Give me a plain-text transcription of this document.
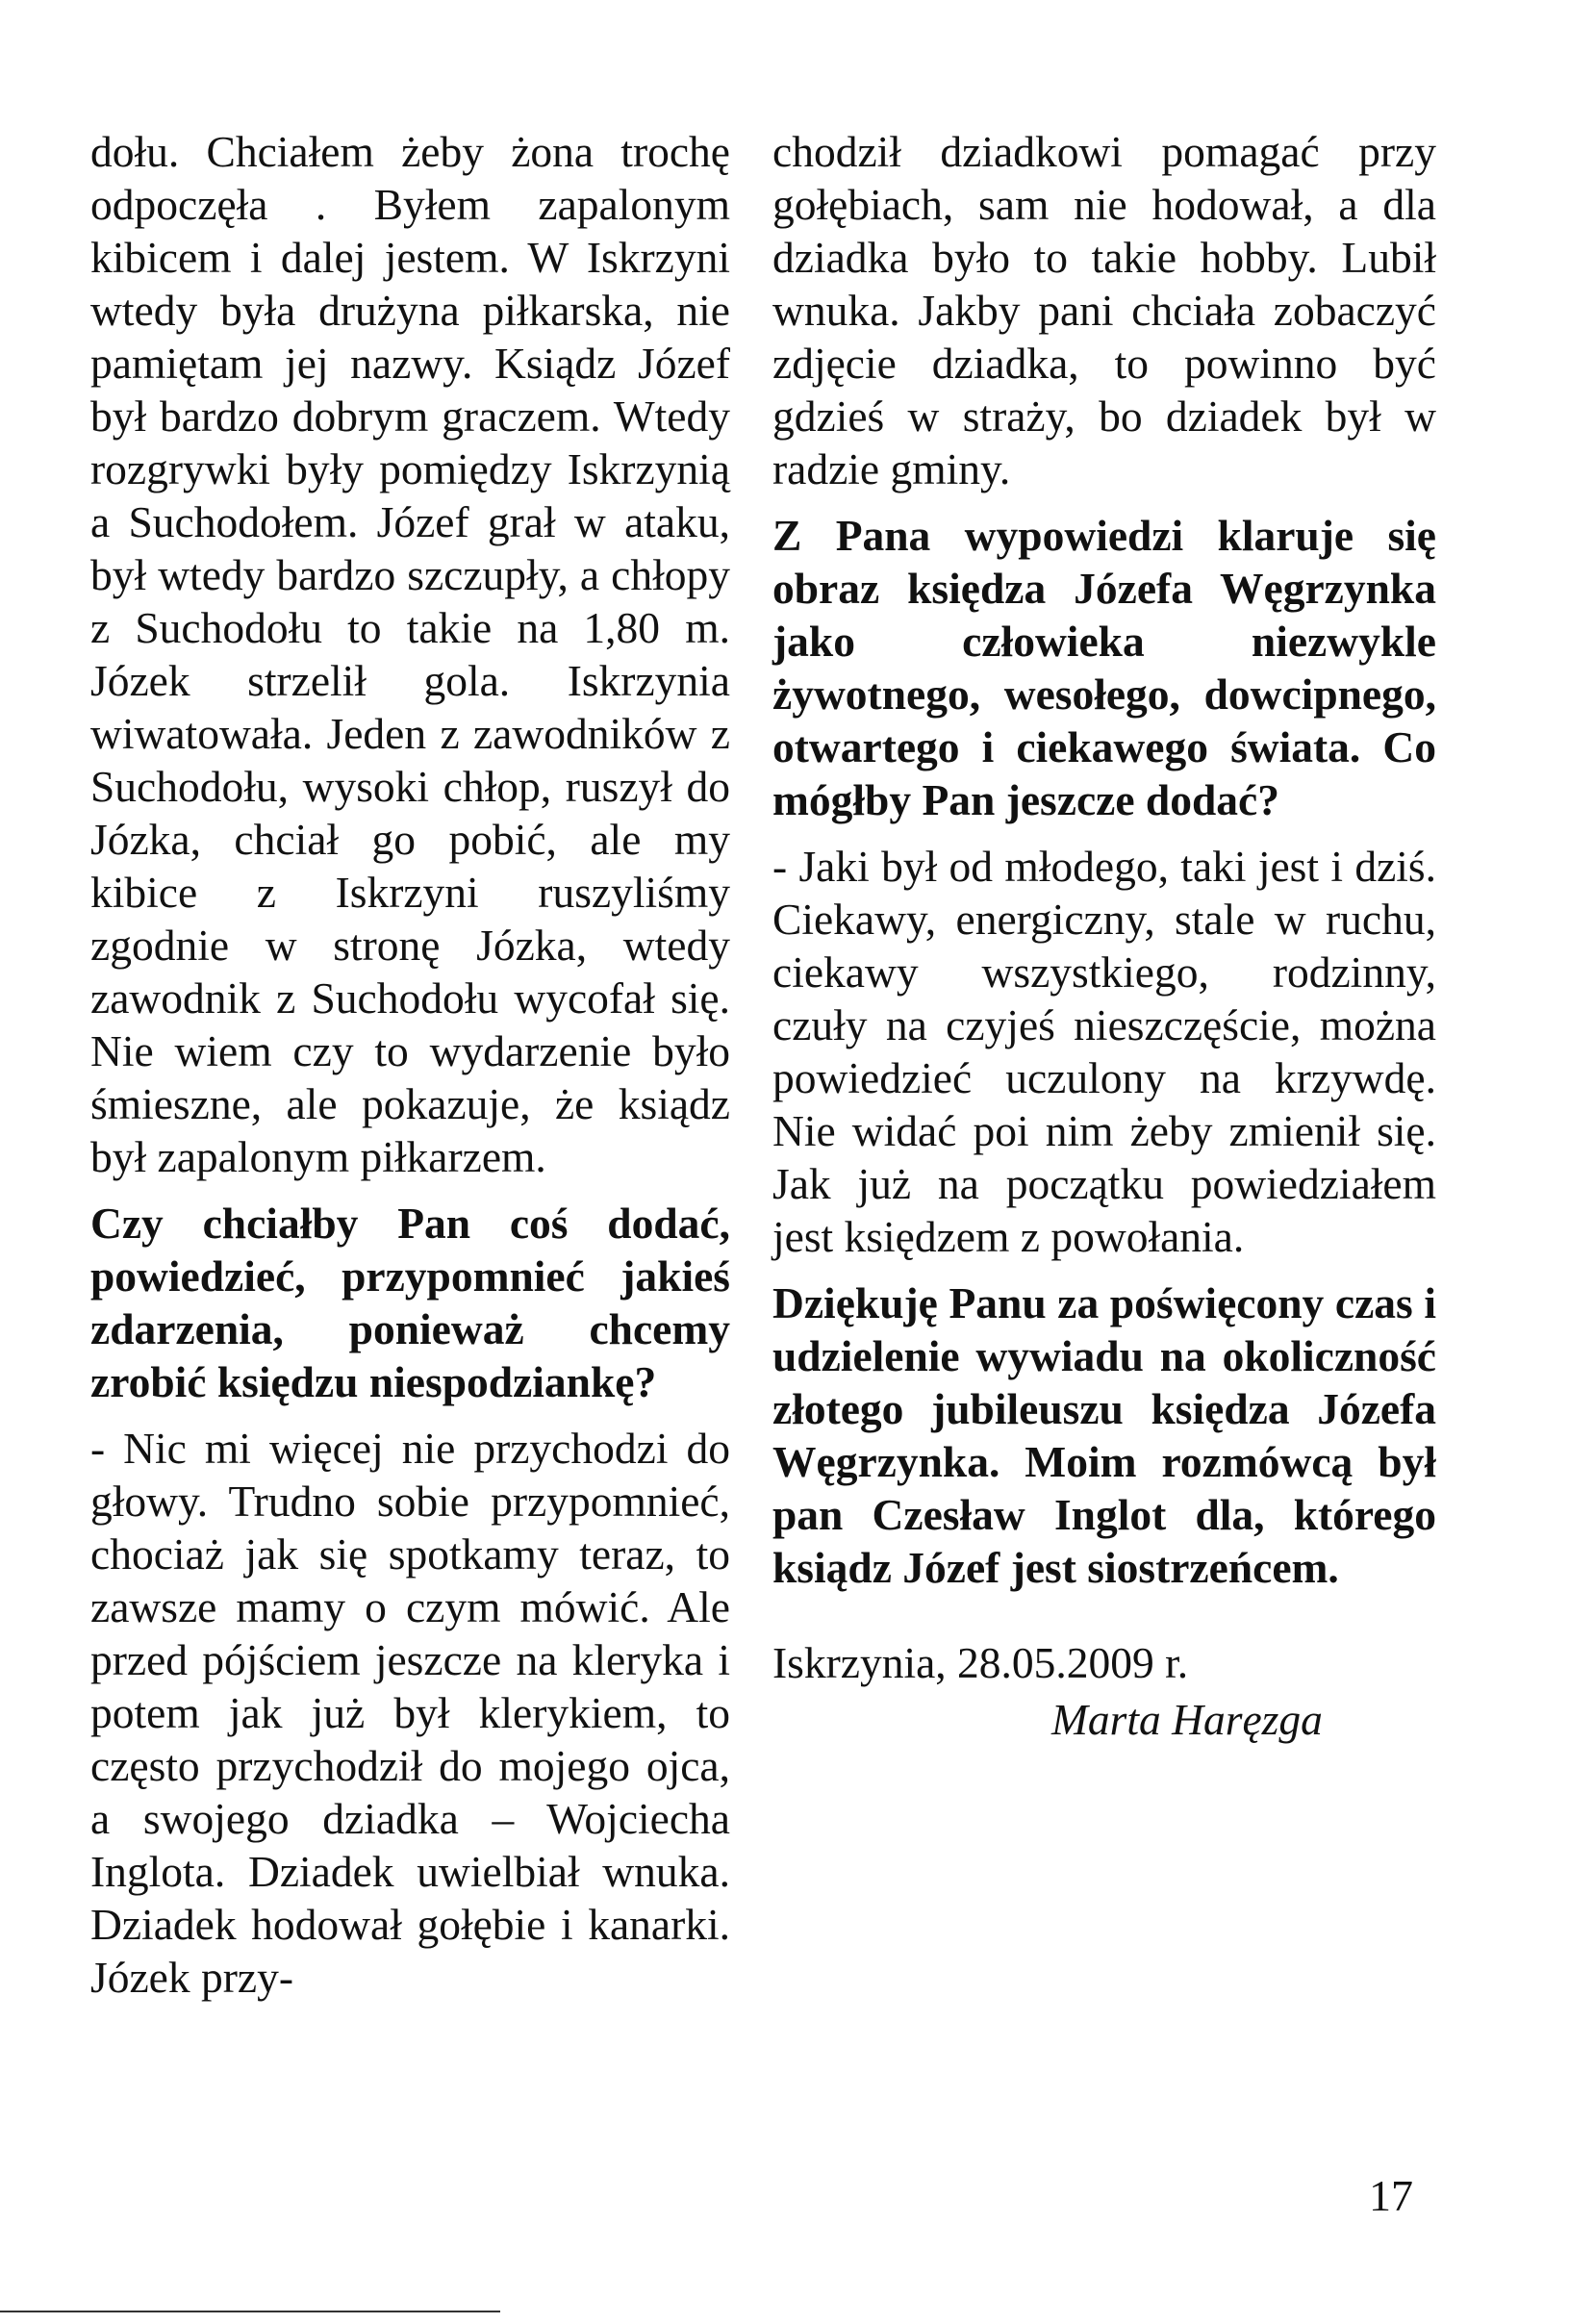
dołu. Chciałem żeby żona trochę odpoczęła . Byłem zapalonym kibicem i dalej jestem. W Iskrzyni wtedy była drużyna piłkarska, nie pamiętam jej nazwy. Ksiądz Józef był bardzo dobrym graczem. Wtedy rozgrywki były pomiędzy Iskrzynią a Suchodołem. Józef grał w ataku, był wtedy bardzo szczupły, a chłopy z Suchodołu to takie na 1,80 m. Józek strzelił gola. Iskrzynia wiwatowała. Jeden z zawodników z Suchodołu, wysoki chłop, ruszył do Józka, chciał go pobić, ale my kibice z Iskrzyni ruszyliśmy zgodnie w stronę Józka, wtedy zawodnik z Suchodołu wycofał się. Nie wiem czy to wydarzenie było śmieszne, ale pokazuje, że ksiądz był zapalonym piłkarzem.

Czy chciałby Pan coś dodać, powiedzieć, przypomnieć jakieś zdarzenia, ponieważ chcemy zrobić księdzu niespodziankę?

- Nic mi więcej nie przychodzi do głowy. Trudno sobie przypomnieć, chociaż jak się spotkamy teraz, to zawsze mamy o czym mówić. Ale przed pójściem jeszcze na kleryka i potem jak już był klerykiem, to często przychodził do mojego ojca, a swojego dziadka – Wojciecha Inglota. Dziadek uwielbiał wnuka. Dziadek hodował gołębie i kanarki. Józek przy-

chodził dziadkowi pomagać przy gołębiach, sam nie hodował, a dla dziadka było to takie hobby. Lubił wnuka. Jakby pani chciała zobaczyć zdjęcie dziadka, to powinno być gdzieś w straży, bo dziadek był w radzie gminy.

Z Pana wypowiedzi klaruje się obraz księdza Józefa Węgrzynka jako człowieka niezwykle żywotnego, wesołego, dowcipnego, otwartego i ciekawego świata. Co mógłby Pan jeszcze dodać?

- Jaki był od młodego, taki jest i dziś. Ciekawy, energiczny, stale w ruchu, ciekawy wszystkiego, rodzinny, czuły na czyjeś nieszczęście, można powiedzieć uczulony na krzywdę. Nie widać poi nim żeby zmienił się. Jak już na początku powiedziałem jest księdzem z powołania.

Dziękuję Panu za poświęcony czas i udzielenie wywiadu na okoliczność złotego jubileuszu księdza Józefa Węgrzynka. Moim rozmówcą był pan Czesław Inglot dla, którego ksiądz Józef jest siostrzeńcem.

Iskrzynia, 28.05.2009 r.
Marta Haręzga
17
